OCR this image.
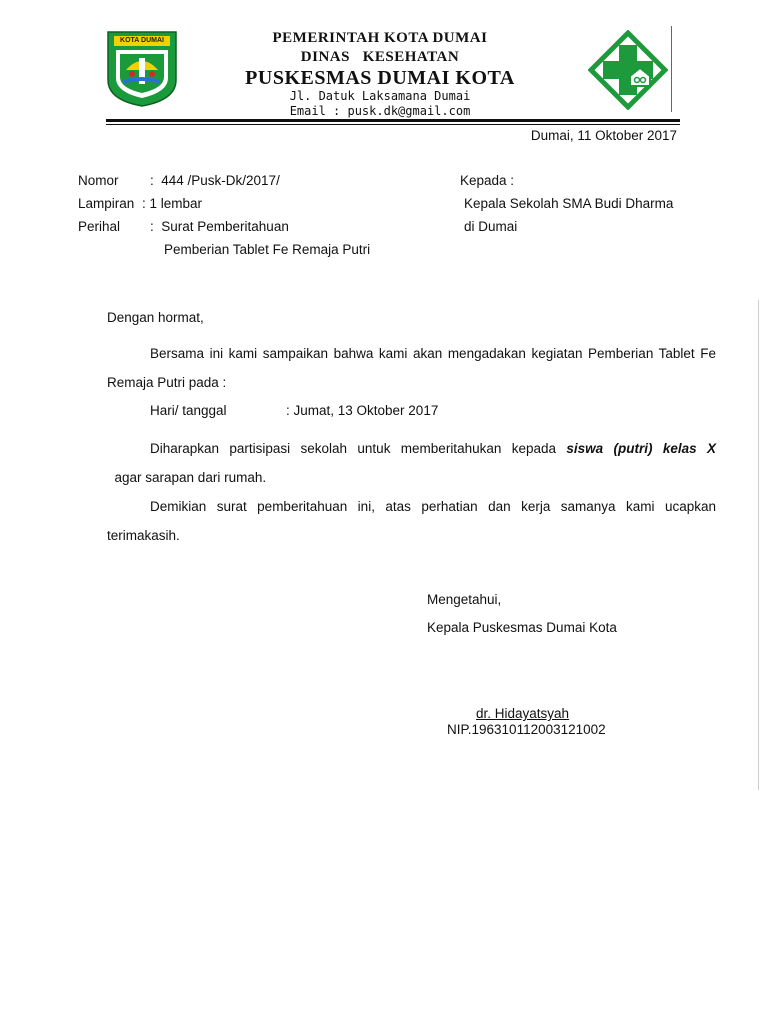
KOTA DUMAI	PEMERINTAH KOTA DUMAI
DINAS   KESEHATAN
PUSKESMAS DUMAI KOTA
Jl. Datuk Laksamana Dumai
Email : pusk.dk@gmail.com
Dumai, 11 Oktober 2017
Nomor :  444 /Pusk-Dk/2017/
Lampiran : 1 lembar
Perihal :  Surat Pemberitahuan
Pemberian Tablet Fe Remaja Putri
Kepada :
Kepala Sekolah SMA Budi Dharma
di Dumai
Dengan hormat,
Bersama ini kami sampaikan bahwa kami akan mengadakan kegiatan Pemberian Tablet Fe Remaja Putri pada :
Hari/ tanggal	: Jumat, 13 Oktober 2017
Diharapkan partisipasi sekolah untuk memberitahukan kepada siswa (putri) kelas X  agar sarapan dari rumah.
Demikian surat pemberitahuan ini, atas perhatian dan kerja samanya kami ucapkan terimakasih.
Mengetahui,
Kepala Puskesmas Dumai Kota
dr. Hidayatsyah
NIP.196310112003121002
